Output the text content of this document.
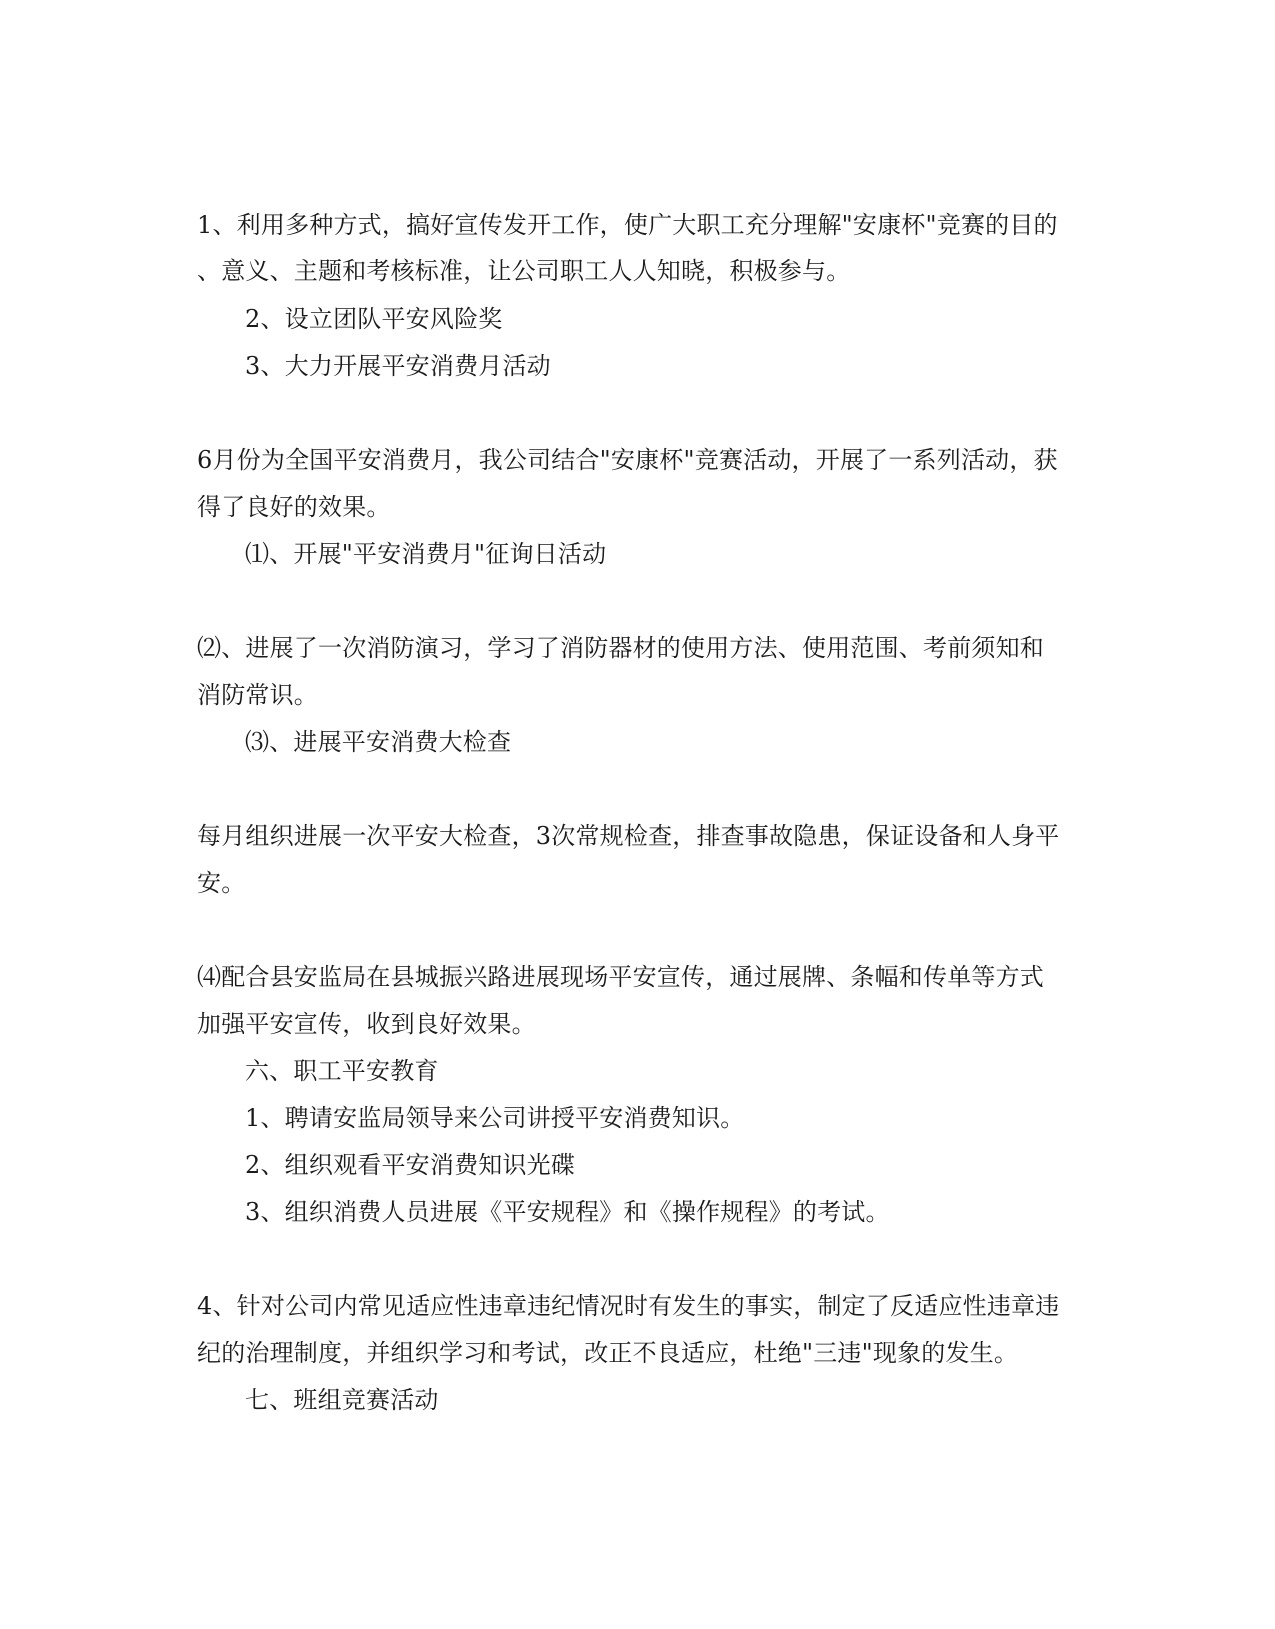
1、利用多种方式，搞好宣传发开工作，使广大职工充分理解"安康杯"竞赛的目的
、意义、主题和考核标准，让公司职工人人知晓，积极参与。
2、设立团队平安风险奖
3、大力开展平安消费月活动
6月份为全国平安消费月，我公司结合"安康杯"竞赛活动，开展了一系列活动，获
得了良好的效果。
⑴、开展"平安消费月"征询日活动
⑵、进展了一次消防演习，学习了消防器材的使用方法、使用范围、考前须知和
消防常识。
⑶、进展平安消费大检查
每月组织进展一次平安大检查，3次常规检查，排查事故隐患，保证设备和人身平
安。
⑷配合县安监局在县城振兴路进展现场平安宣传，通过展牌、条幅和传单等方式
加强平安宣传，收到良好效果。
六、职工平安教育
1、聘请安监局领导来公司讲授平安消费知识。
2、组织观看平安消费知识光碟
3、组织消费人员进展《平安规程》和《操作规程》的考试。
4、针对公司内常见适应性违章违纪情况时有发生的事实，制定了反适应性违章违
纪的治理制度，并组织学习和考试，改正不良适应，杜绝"三违"现象的发生。
七、班组竞赛活动
